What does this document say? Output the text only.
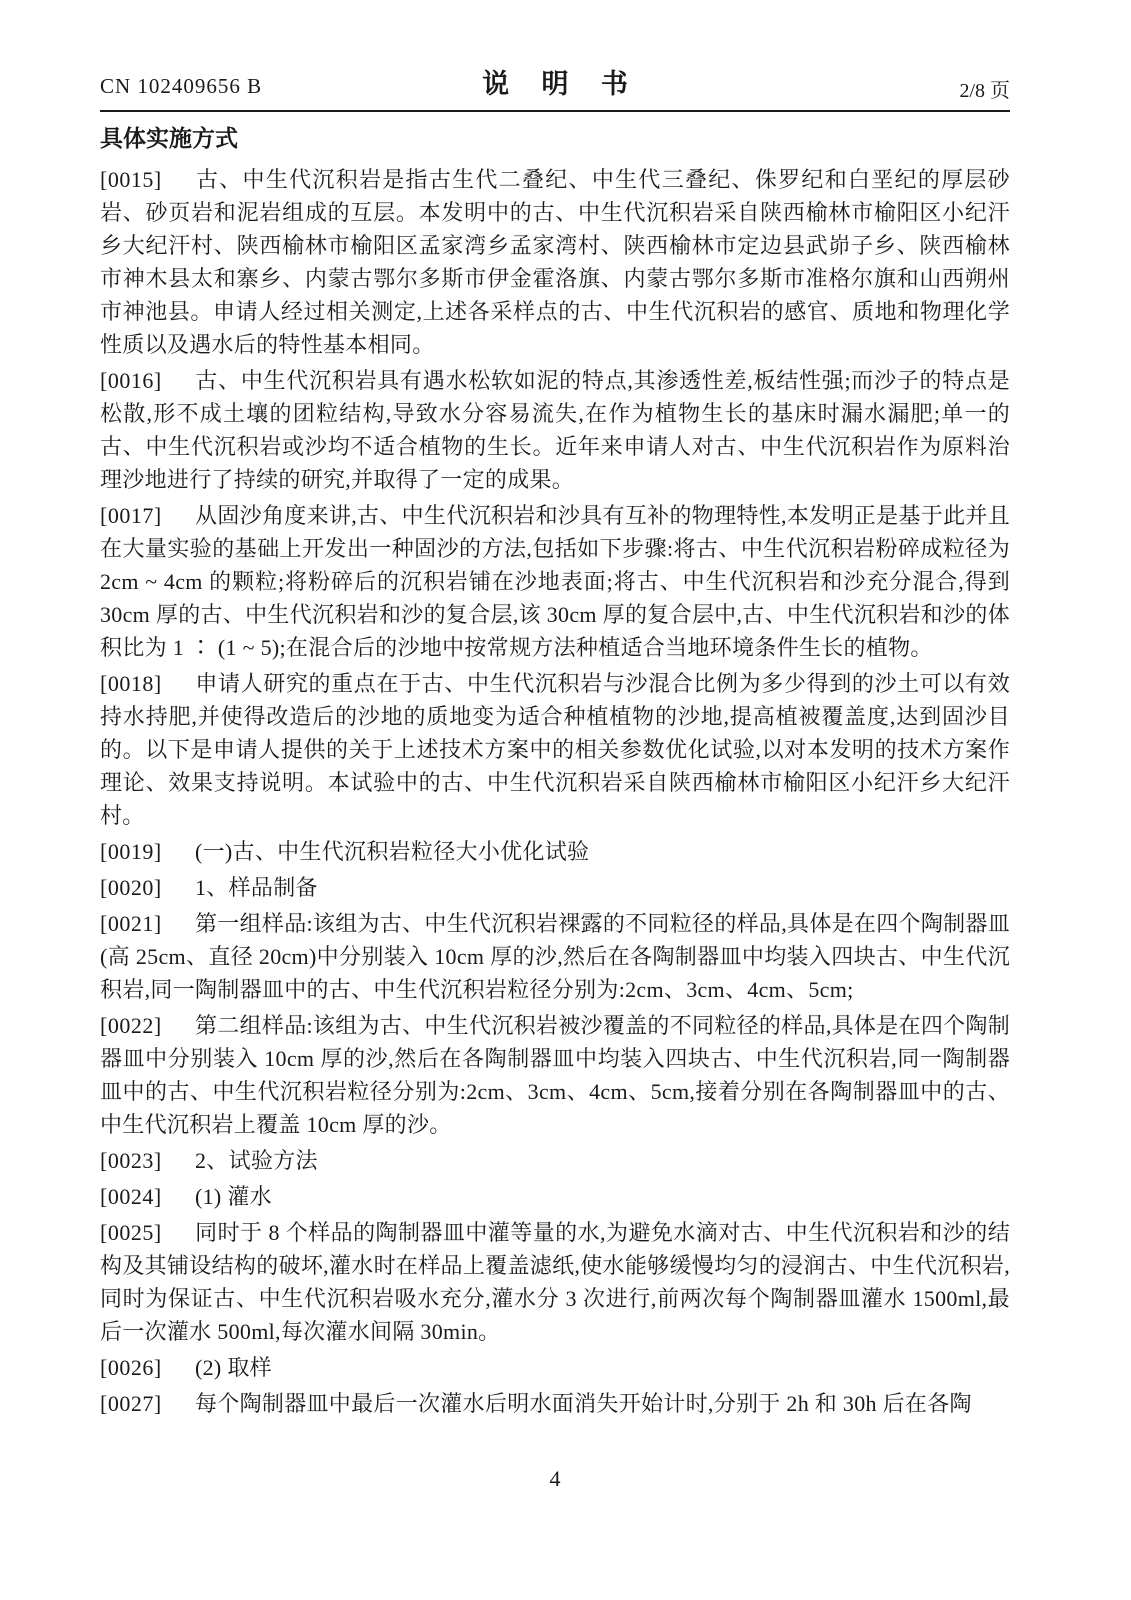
CN 102409656 B	说明书	2/8 页
具体实施方式

[0015] 古、中生代沉积岩是指古生代二叠纪、中生代三叠纪、侏罗纪和白垩纪的厚层砂岩、砂页岩和泥岩组成的互层。本发明中的古、中生代沉积岩采自陕西榆林市榆阳区小纪汗乡大纪汗村、陕西榆林市榆阳区孟家湾乡孟家湾村、陕西榆林市定边县武峁子乡、陕西榆林市神木县太和寨乡、内蒙古鄂尔多斯市伊金霍洛旗、内蒙古鄂尔多斯市准格尔旗和山西朔州市神池县。申请人经过相关测定,上述各采样点的古、中生代沉积岩的感官、质地和物理化学性质以及遇水后的特性基本相同。

[0016] 古、中生代沉积岩具有遇水松软如泥的特点,其渗透性差,板结性强;而沙子的特点是松散,形不成土壤的团粒结构,导致水分容易流失,在作为植物生长的基床时漏水漏肥;单一的古、中生代沉积岩或沙均不适合植物的生长。近年来申请人对古、中生代沉积岩作为原料治理沙地进行了持续的研究,并取得了一定的成果。

[0017] 从固沙角度来讲,古、中生代沉积岩和沙具有互补的物理特性,本发明正是基于此并且在大量实验的基础上开发出一种固沙的方法,包括如下步骤:将古、中生代沉积岩粉碎成粒径为 2cm ~ 4cm 的颗粒;将粉碎后的沉积岩铺在沙地表面;将古、中生代沉积岩和沙充分混合,得到 30cm 厚的古、中生代沉积岩和沙的复合层,该 30cm 厚的复合层中,古、中生代沉积岩和沙的体积比为 1 ∶ (1 ~ 5);在混合后的沙地中按常规方法种植适合当地环境条件生长的植物。

[0018] 申请人研究的重点在于古、中生代沉积岩与沙混合比例为多少得到的沙土可以有效持水持肥,并使得改造后的沙地的质地变为适合种植植物的沙地,提高植被覆盖度,达到固沙目的。以下是申请人提供的关于上述技术方案中的相关参数优化试验,以对本发明的技术方案作理论、效果支持说明。本试验中的古、中生代沉积岩采自陕西榆林市榆阳区小纪汗乡大纪汗村。

[0019] (一)古、中生代沉积岩粒径大小优化试验

[0020] 1、样品制备

[0021] 第一组样品:该组为古、中生代沉积岩裸露的不同粒径的样品,具体是在四个陶制器皿(高 25cm、直径 20cm)中分别装入 10cm 厚的沙,然后在各陶制器皿中均装入四块古、中生代沉积岩,同一陶制器皿中的古、中生代沉积岩粒径分别为:2cm、3cm、4cm、5cm;

[0022] 第二组样品:该组为古、中生代沉积岩被沙覆盖的不同粒径的样品,具体是在四个陶制器皿中分别装入 10cm 厚的沙,然后在各陶制器皿中均装入四块古、中生代沉积岩,同一陶制器皿中的古、中生代沉积岩粒径分别为:2cm、3cm、4cm、5cm,接着分别在各陶制器皿中的古、中生代沉积岩上覆盖 10cm 厚的沙。

[0023] 2、试验方法

[0024] (1) 灌水

[0025] 同时于 8 个样品的陶制器皿中灌等量的水,为避免水滴对古、中生代沉积岩和沙的结构及其铺设结构的破坏,灌水时在样品上覆盖滤纸,使水能够缓慢均匀的浸润古、中生代沉积岩,同时为保证古、中生代沉积岩吸水充分,灌水分 3 次进行,前两次每个陶制器皿灌水 1500ml,最后一次灌水 500ml,每次灌水间隔 30min。

[0026] (2) 取样

[0027] 每个陶制器皿中最后一次灌水后明水面消失开始计时,分别于 2h 和 30h 后在各陶

4
